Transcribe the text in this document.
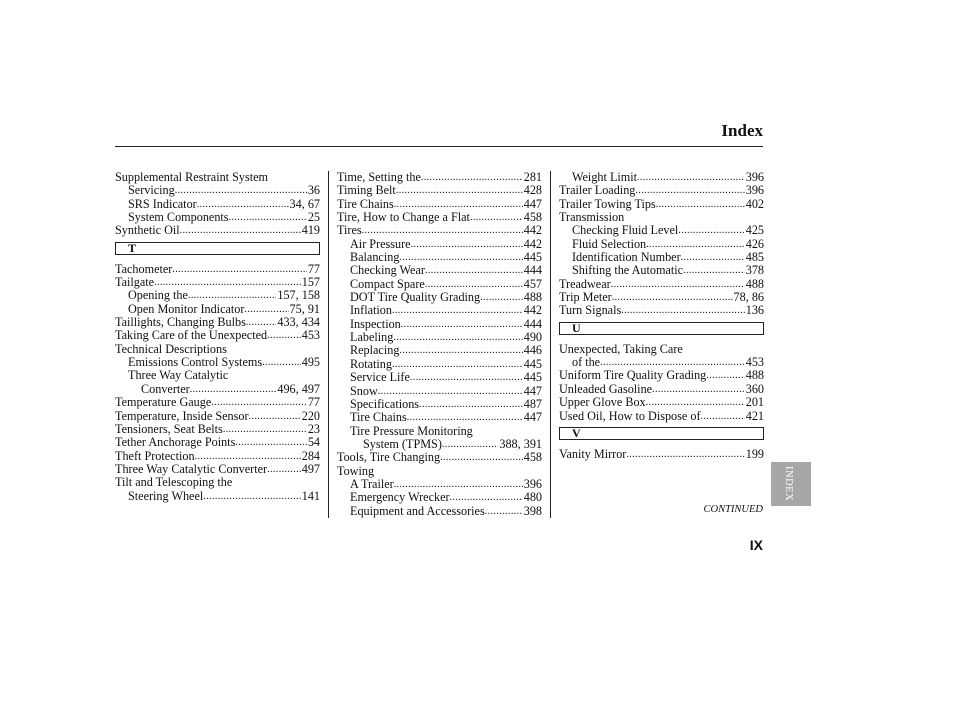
Index
Supplemental Restraint System
Servicing .....	36
SRS Indicator .....	34, 67
System Components .....	25
Synthetic Oil .....	419
T
Tachometer .....	77
Tailgate .....	157
Opening the .....	157, 158
Open Monitor Indicator .....	75, 91
Taillights, Changing Bulbs .....	433, 434
Taking Care of the Unexpected .....	453
Technical Descriptions
Emissions Control Systems .....	495
Three Way Catalytic
Converter .....	496, 497
Temperature Gauge .....	77
Temperature, Inside Sensor .....	220
Tensioners, Seat Belts .....	23
Tether Anchorage Points .....	54
Theft Protection .....	284
Three Way Catalytic Converter .....	497
Tilt and Telescoping the
Steering Wheel .....	141
Time, Setting the .....	281
Timing Belt .....	428
Tire Chains .....	447
Tire, How to Change a Flat .....	458
Tires .....	442
Air Pressure .....	442
Balancing .....	445
Checking Wear .....	444
Compact Spare .....	457
DOT Tire Quality Grading .....	488
Inflation .....	442
Inspection .....	444
Labeling .....	490
Replacing .....	446
Rotating .....	445
Service Life .....	445
Snow .....	447
Specifications .....	487
Tire Chains .....	447
Tire Pressure Monitoring
System (TPMS) .....	388, 391
Tools, Tire Changing .....	458
Towing
A Trailer .....	396
Emergency Wrecker .....	480
Equipment and Accessories .....	398
Weight Limit .....	396
Trailer Loading .....	396
Trailer Towing Tips .....	402
Transmission
Checking Fluid Level .....	425
Fluid Selection .....	426
Identification Number .....	485
Shifting the Automatic .....	378
Treadwear .....	488
Trip Meter .....	78, 86
Turn Signals .....	136
U
Unexpected, Taking Care
of the .....	453
Uniform Tire Quality Grading .....	488
Unleaded Gasoline .....	360
Upper Glove Box .....	201
Used Oil, How to Dispose of .....	421
V
Vanity Mirror .....	199
CONTINUED
IX
INDEX
